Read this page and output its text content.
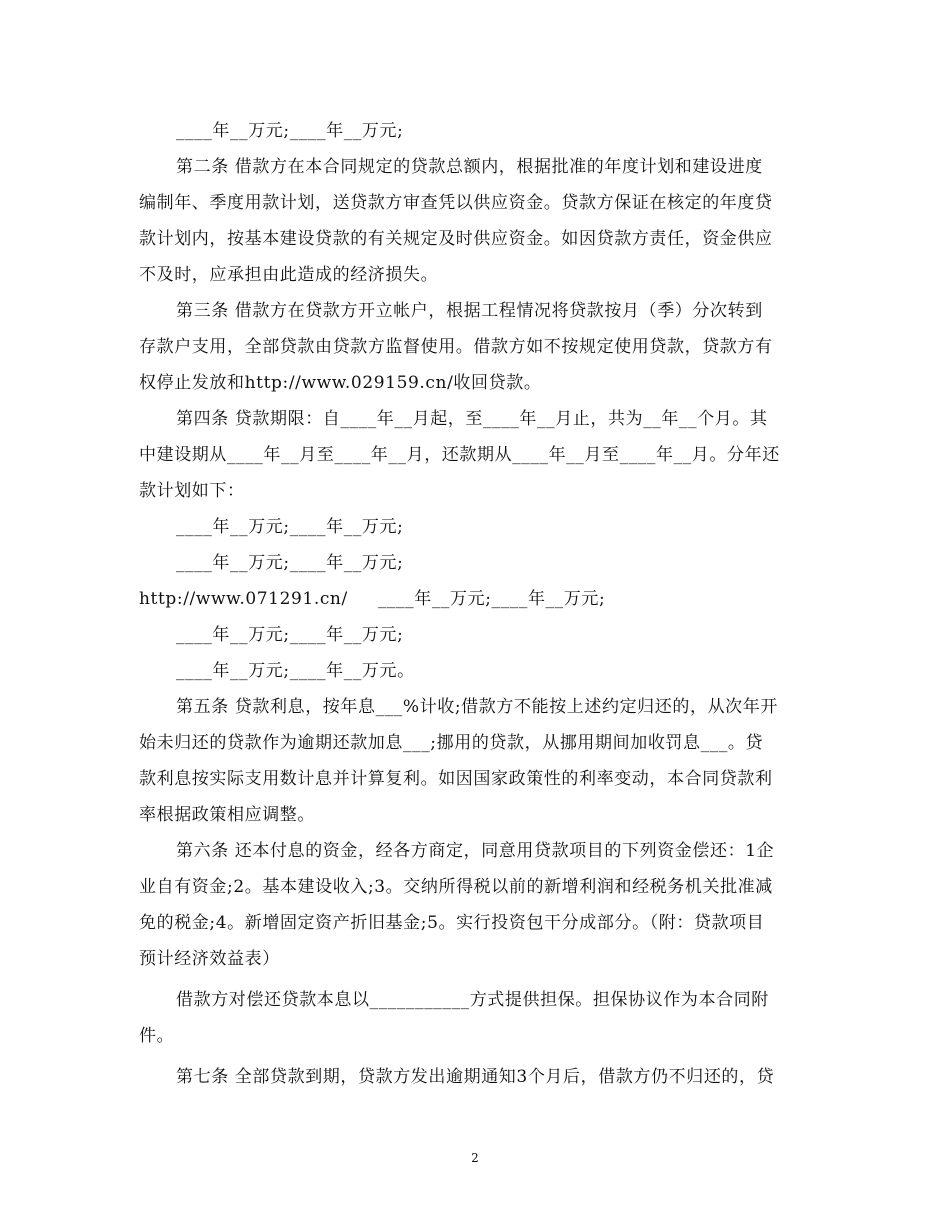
____年__万元;____年__万元;
第二条 借款方在本合同规定的贷款总额内，根据批准的年度计划和建设进度
编制年、季度用款计划，送贷款方审查凭以供应资金。贷款方保证在核定的年度贷
款计划内，按基本建设贷款的有关规定及时供应资金。如因贷款方责任，资金供应
不及时，应承担由此造成的经济损失。
第三条 借款方在贷款方开立帐户，根据工程情况将贷款按月（季）分次转到
存款户支用，全部贷款由贷款方监督使用。借款方如不按规定使用贷款，贷款方有
权停止发放和http://www.029159.cn/收回贷款。
第四条 贷款期限：自____年__月起，至____年__月止，共为__年__个月。其
中建设期从____年__月至____年__月，还款期从____年__月至____年__月。分年还
款计划如下：
____年__万元;____年__万元;
____年__万元;____年__万元;
http://www.071291.cn/     ____年__万元;____年__万元;
____年__万元;____年__万元;
____年__万元;____年__万元。
第五条 贷款利息，按年息___%计收;借款方不能按上述约定归还的，从次年开
始未归还的贷款作为逾期还款加息___;挪用的贷款，从挪用期间加收罚息___。贷
款利息按实际支用数计息并计算复利。如因国家政策性的利率变动，本合同贷款利
率根据政策相应调整。
第六条 还本付息的资金，经各方商定，同意用贷款项目的下列资金偿还：1企
业自有资金;2。基本建设收入;3。交纳所得税以前的新增利润和经税务机关批准减
免的税金;4。新增固定资产折旧基金;5。实行投资包干分成部分。（附：贷款项目
预计经济效益表）
借款方对偿还贷款本息以___________方式提供担保。担保协议作为本合同附
件。
第七条 全部贷款到期，贷款方发出逾期通知3个月后，借款方仍不归还的，贷
2
